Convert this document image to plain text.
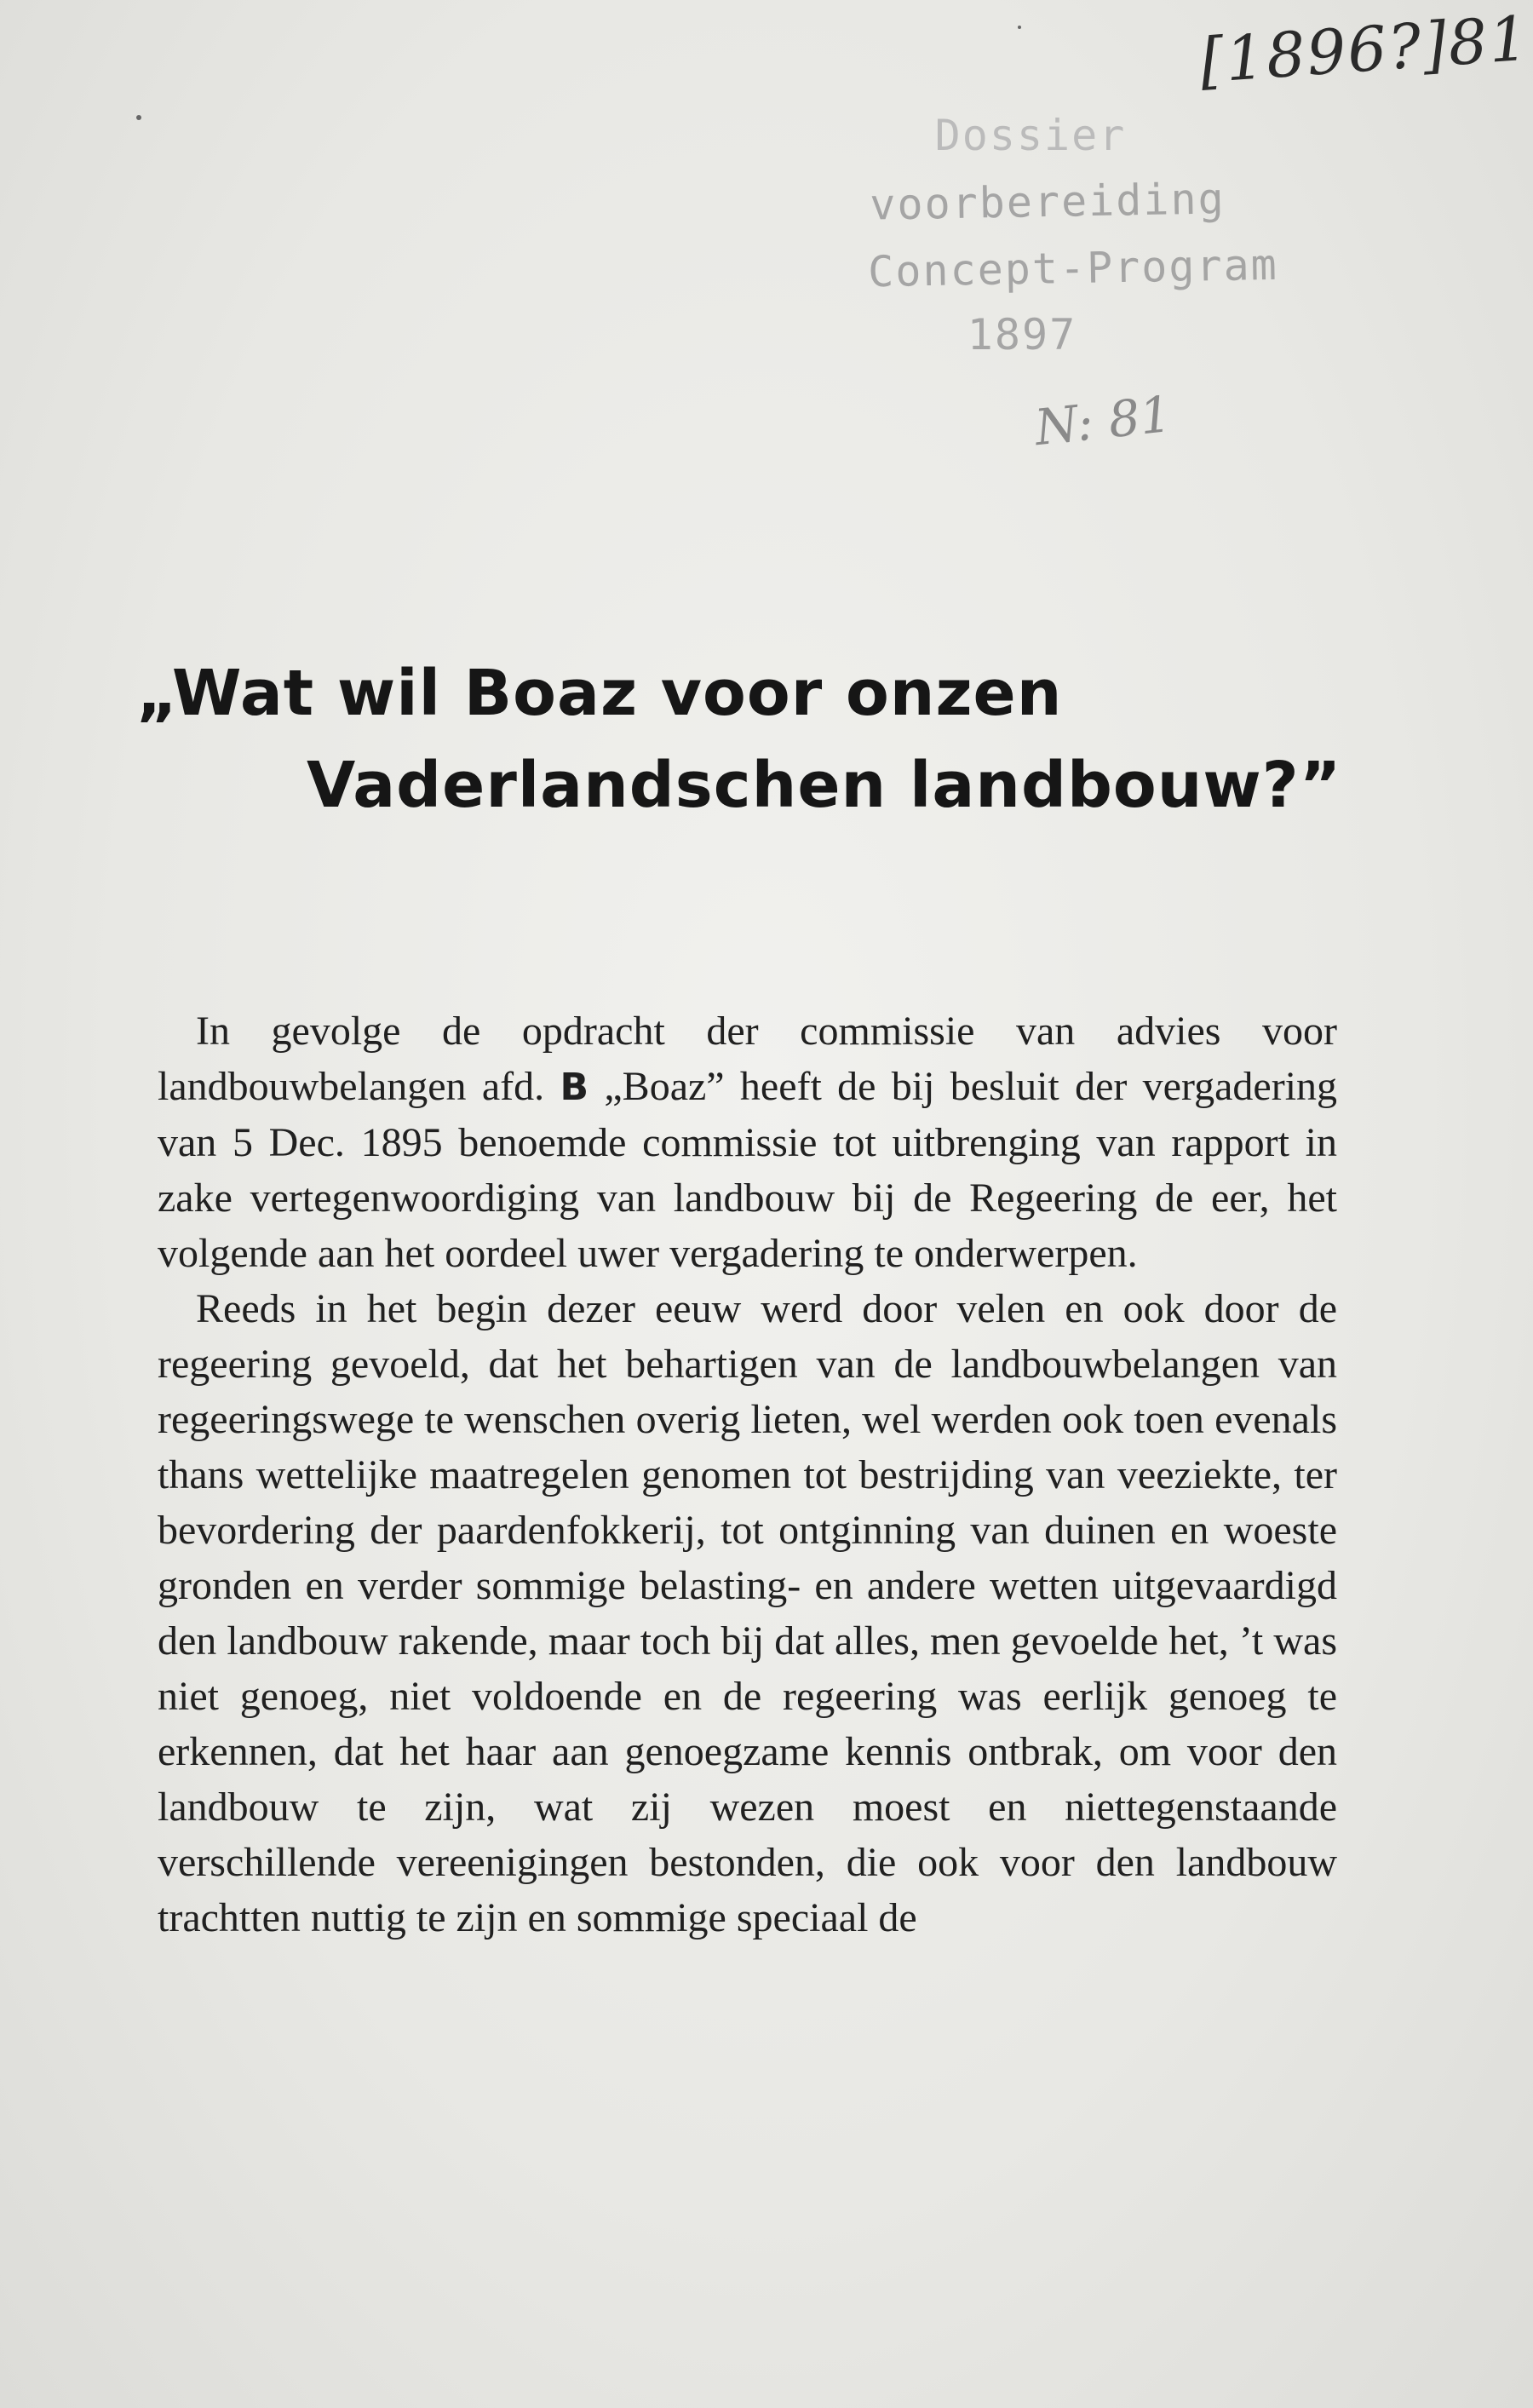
[1896?]81
Dossier
voorbereiding
Concept-Program
1897
N: 81
„Wat wil Boaz voor onzen
Vaderlandschen landbouw?”

In gevolge de opdracht der commissie van advies voor landbouwbelangen afd. B „Boaz” heeft de bij besluit der vergadering van 5 Dec. 1895 benoemde commissie tot uitbrenging van rapport in zake vertegenwoordiging van landbouw bij de Regeering de eer, het volgende aan het oordeel uwer vergadering te onderwerpen.

Reeds in het begin dezer eeuw werd door velen en ook door de regeering gevoeld, dat het behartigen van de landbouwbelangen van regeeringswege te wenschen overig lieten, wel werden ook toen evenals thans wettelijke maatregelen genomen tot bestrijding van veeziekte, ter bevordering der paardenfokkerij, tot ontginning van duinen en woeste gronden en verder sommige belasting- en andere wetten uitgevaardigd den landbouw rakende, maar toch bij dat alles, men gevoelde het, ’t was niet genoeg, niet voldoende en de regeering was eerlijk genoeg te erkennen, dat het haar aan genoegzame kennis ontbrak, om voor den landbouw te zijn, wat zij wezen moest en niettegenstaande verschillende vereenigingen bestonden, die ook voor den landbouw trachtten nuttig te zijn en sommige speciaal de
